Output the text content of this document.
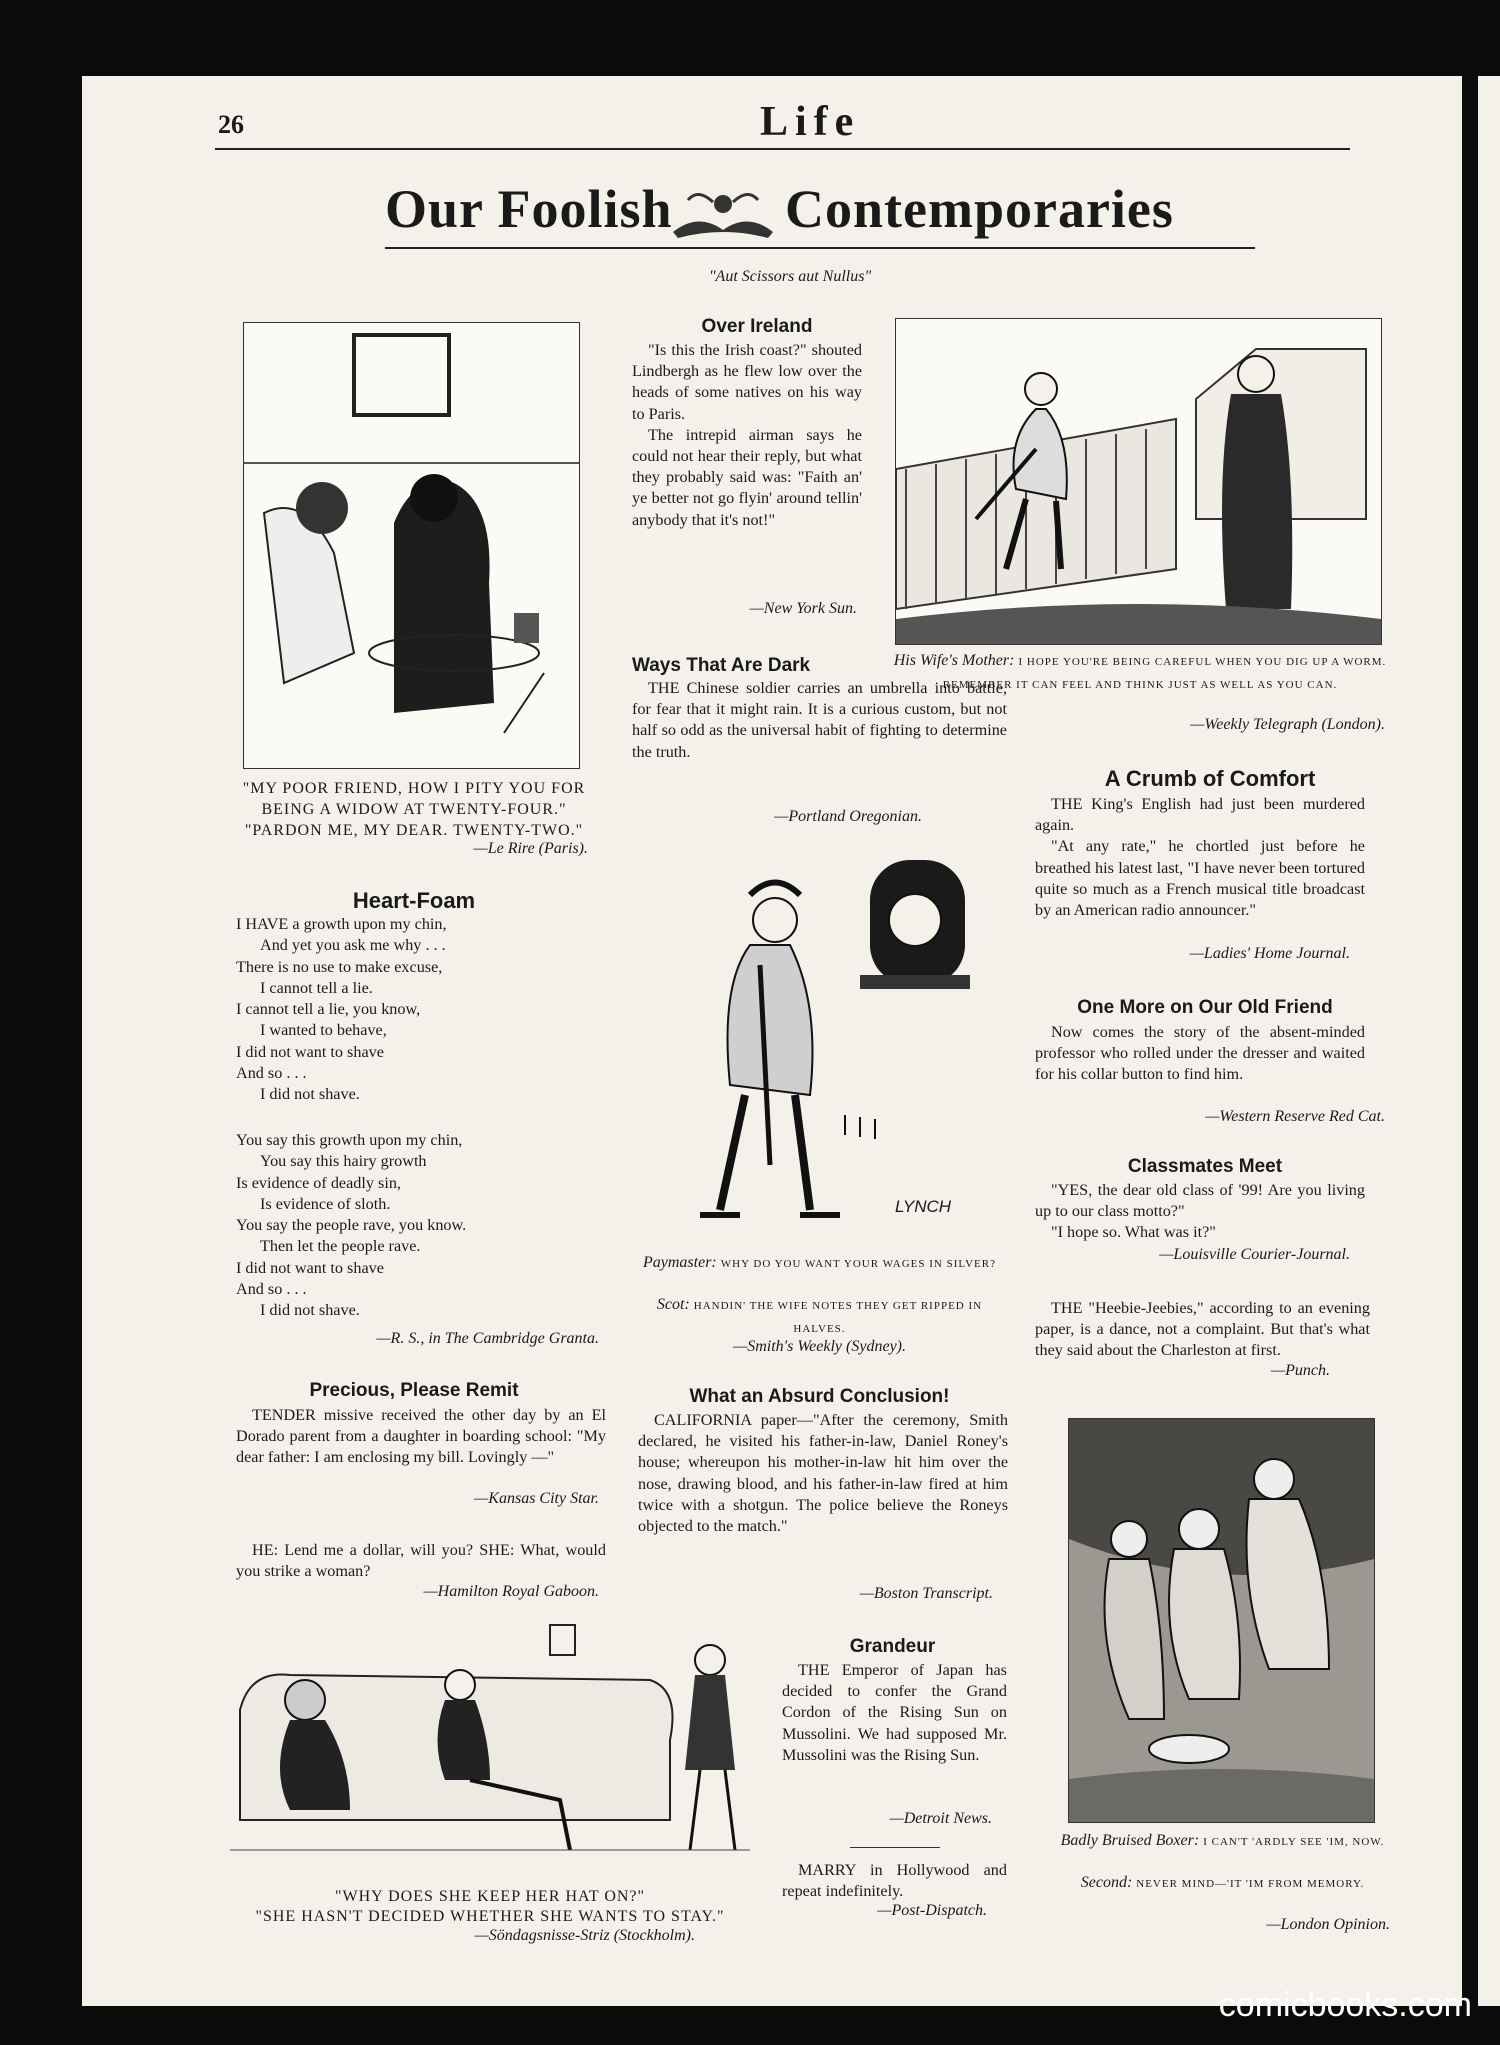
26	Life
Our Foolish Contemporaries
"Aut Scissors aut Nullus"
"MY POOR FRIEND, HOW I PITY YOU FOR
BEING A WIDOW AT TWENTY-FOUR."
"PARDON ME, MY DEAR. TWENTY-TWO."
—Le Rire (Paris).
Heart-Foam
I HAVE a growth upon my chin,
And yet you ask me why . . .
There is no use to make excuse,
I cannot tell a lie.
I cannot tell a lie, you know,
I wanted to behave,
I did not want to shave
And so . . .
I did not shave.
You say this growth upon my chin,
You say this hairy growth
Is evidence of deadly sin,
Is evidence of sloth.
You say the people rave, you know.
Then let the people rave.
I did not want to shave
And so . . .
I did not shave.
—R. S., in The Cambridge Granta.
Precious, Please Remit

TENDER missive received the other day by an El Dorado parent from a daughter in boarding school: "My dear father: I am enclosing my bill. Lovingly —"

—Kansas City Star.

HE: Lend me a dollar, will you? SHE: What, would you strike a woman?

—Hamilton Royal Gaboon.
Over Ireland

"Is this the Irish coast?" shouted Lindbergh as he flew low over the heads of some natives on his way to Paris.

The intrepid airman says he could not hear their reply, but what they probably said was: "Faith an' ye better not go flyin' around tellin' anybody that it's not!"

—New York Sun.
Ways That Are Dark

THE Chinese soldier carries an umbrella into battle, for fear that it might rain. It is a curious custom, but not half so odd as the universal habit of fighting to determine the truth.

—Portland Oregonian.
LYNCH
Paymaster: WHY DO YOU WANT YOUR WAGES IN SILVER?
Scot: HANDIN' THE WIFE NOTES THEY GET RIPPED IN HALVES.
—Smith's Weekly (Sydney).
What an Absurd Conclusion!

CALIFORNIA paper—"After the ceremony, Smith declared, he visited his father-in-law, Daniel Roney's house; whereupon his mother-in-law hit him over the nose, drawing blood, and his father-in-law fired at him twice with a shotgun. The police believe the Roneys objected to the match."

—Boston Transcript.
Grandeur

THE Emperor of Japan has decided to confer the Grand Cordon of the Rising Sun on Mussolini. We had supposed Mr. Mussolini was the Rising Sun.

—Detroit News.

MARRY in Hollywood and repeat indefinitely.

—Post-Dispatch.
His Wife's Mother: I HOPE YOU'RE BEING CAREFUL WHEN YOU DIG UP A WORM. REMEMBER IT CAN FEEL AND THINK JUST AS WELL AS YOU CAN.
—Weekly Telegraph (London).
A Crumb of Comfort

THE King's English had just been murdered again.

"At any rate," he chortled just before he breathed his latest last, "I have never been tortured quite so much as a French musical title broadcast by an American radio announcer."

—Ladies' Home Journal.
One More on Our Old Friend

Now comes the story of the absent-minded professor who rolled under the dresser and waited for his collar button to find him.

—Western Reserve Red Cat.
Classmates Meet

"YES, the dear old class of '99! Are you living up to our class motto?"

"I hope so. What was it?"

—Louisville Courier-Journal.

THE "Heebie-Jeebies," according to an evening paper, is a dance, not a complaint. But that's what they said about the Charleston at first.

—Punch.
Badly Bruised Boxer: I CAN'T 'ARDLY SEE 'IM, NOW.
Second: NEVER MIND—'IT 'IM FROM MEMORY.
—London Opinion.
"WHY DOES SHE KEEP HER HAT ON?"
"SHE HASN'T DECIDED WHETHER SHE WANTS TO STAY."
—Söndagsnisse-Striz (Stockholm).
comicbooks.com
